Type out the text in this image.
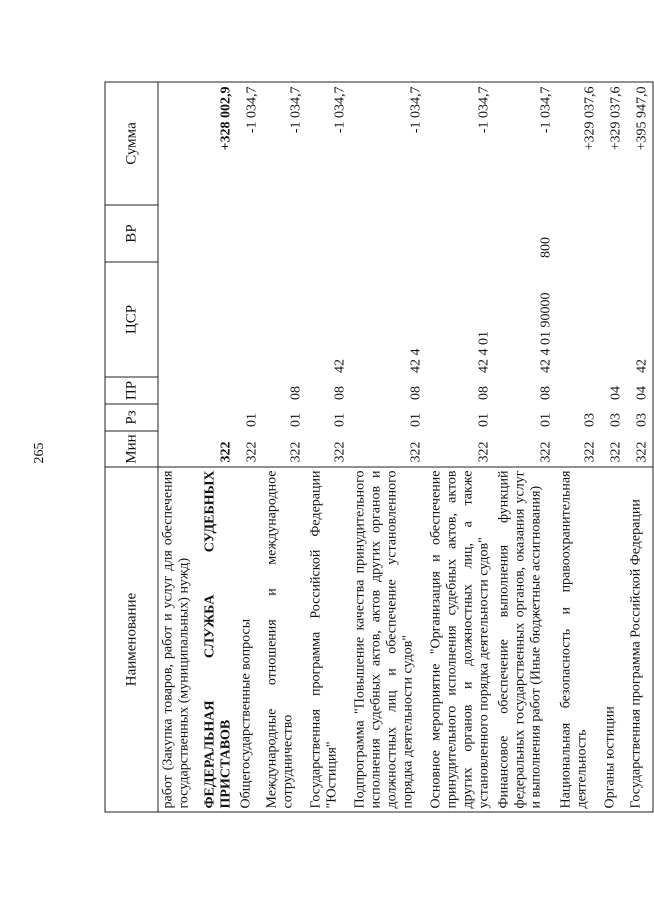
265
Наименование	Мин	Рз	ПР	ЦСР	ВР	Сумма
работ (Закупка товаров, работ и услуг для обеспечения государственных (муниципальных) нужд)						
ФЕДЕРАЛЬНАЯ СЛУЖБА СУДЕБНЫХ ПРИСТАВОВ	322					+328 002,9
Общегосударственные вопросы	322	01				-1 034,7
Международные отношения и международное сотрудничество	322	01	08			-1 034,7
Государственная программа Российской Федерации "Юстиция"	322	01	08	42		-1 034,7
Подпрограмма "Повышение качества принудительного исполнения судебных актов, актов других органов и должностных лиц и обеспечение установленного порядка деятельности судов"	322	01	08	42 4		-1 034,7
Основное мероприятие "Организация и обеспечение принудительного исполнения судебных актов, актов других органов и должностных лиц, а также установленного порядка деятельности судов"	322	01	08	42 4 01		-1 034,7
Финансовое обеспечение выполнения функций федеральных государственных органов, оказания услуг и выполнения работ (Иные бюджетные ассигнования)	322	01	08	42 4 01 90000	800	-1 034,7
Национальная безопасность и правоохранительная деятельность	322	03				+329 037,6
Органы юстиции	322	03	04			+329 037,6
Государственная программа Российской Федерации	322	03	04	42		+395 947,0
